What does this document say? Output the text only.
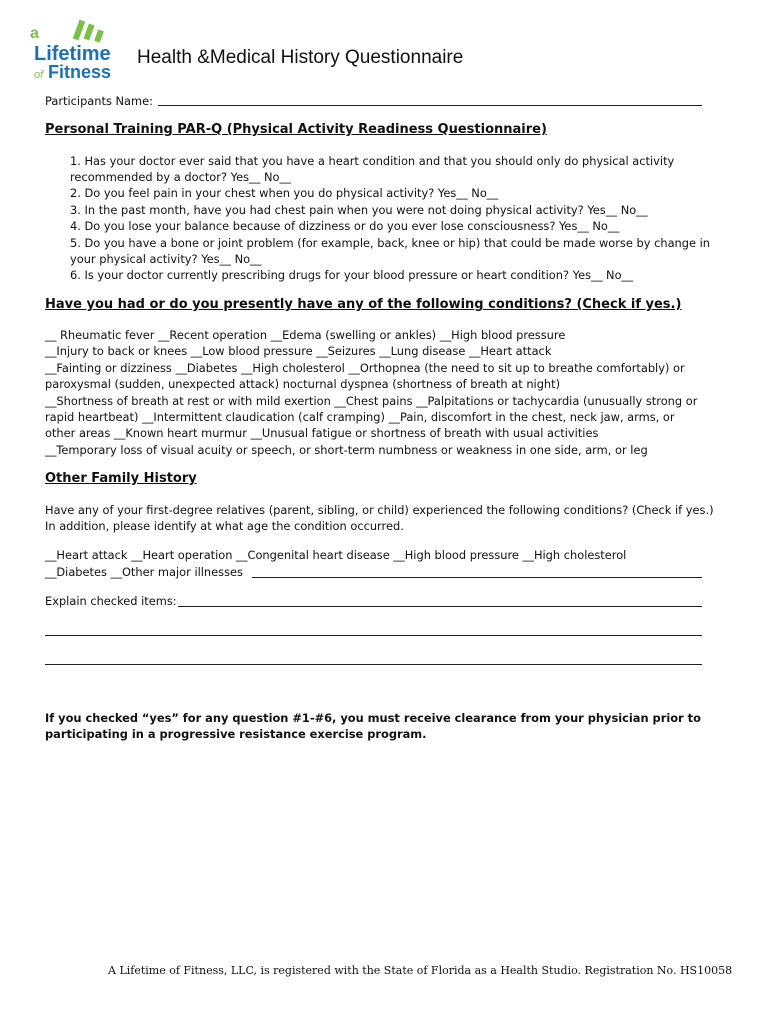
a
Lifetime
of Fitness
Health &Medical History Questionnaire
Participants Name:
Personal Training PAR-Q (Physical Activity Readiness Questionnaire)
1. Has your doctor ever said that you have a heart condition and that you should only do physical activity
recommended by a doctor? Yes__ No__
2. Do you feel pain in your chest when you do physical activity? Yes__ No__
3. In the past month, have you had chest pain when you were not doing physical activity? Yes__ No__
4. Do you lose your balance because of dizziness or do you ever lose consciousness? Yes__ No__
5. Do you have a bone or joint problem (for example, back, knee or hip) that could be made worse by change in
your physical activity? Yes__ No__
6. Is your doctor currently prescribing drugs for your blood pressure or heart condition? Yes__ No__
Have you had or do you presently have any of the following conditions? (Check if yes.)
__ Rheumatic fever __Recent operation __Edema (swelling or ankles) __High blood pressure
__Injury to back or knees __Low blood pressure __Seizures __Lung disease __Heart attack
__Fainting or dizziness __Diabetes __High cholesterol __Orthopnea (the need to sit up to breathe comfortably) or
paroxysmal (sudden, unexpected attack) nocturnal dyspnea (shortness of breath at night)
__Shortness of breath at rest or with mild exertion __Chest pains __Palpitations or tachycardia (unusually strong or
rapid heartbeat) __Intermittent claudication (calf cramping) __Pain, discomfort in the chest, neck jaw, arms, or
other areas __Known heart murmur __Unusual fatigue or shortness of breath with usual activities
__Temporary loss of visual acuity or speech, or short-term numbness or weakness in one side, arm, or leg
Other Family History
Have any of your first-degree relatives (parent, sibling, or child) experienced the following conditions? (Check if yes.)
In addition, please identify at what age the condition occurred.
__Heart attack __Heart operation __Congenital heart disease __High blood pressure __High cholesterol
__Diabetes __Other major illnesses
Explain checked items:
If you checked “yes” for any question #1-#6, you must receive clearance from your physician prior to
participating in a progressive resistance exercise program.
A Lifetime of Fitness, LLC, is registered with the State of Florida as a Health Studio. Registration No. HS10058
